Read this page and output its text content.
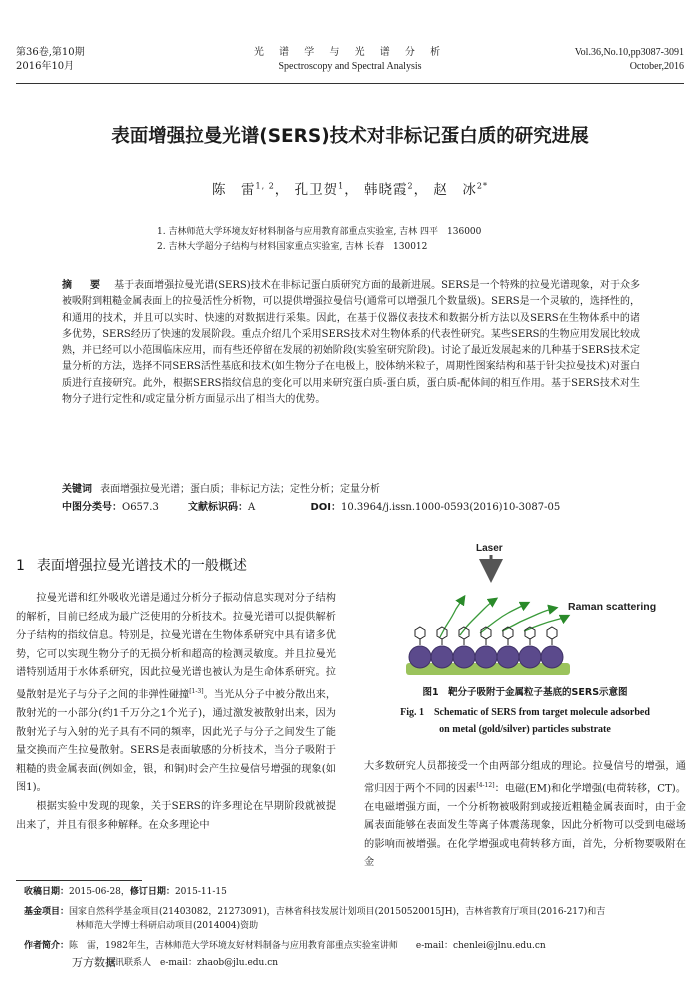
第36卷,第10期
2016年10月
光 谱 学 与 光 谱 分 析
Spectroscopy and Spectral Analysis
Vol.36,No.10,pp3087-3091
October,2016
表面增强拉曼光谱(SERS)技术对非标记蛋白质的研究进展
陈　雷$^{1, 2}$， 孔卫贺$^1$， 韩晓霞$^2$， 赵　冰$^{2*}$
1. 吉林师范大学环境友好材料制备与应用教育部重点实验室, 吉林 四平　136000
2. 吉林大学超分子结构与材料国家重点实验室, 吉林 长春　130012
摘　要 基于表面增强拉曼光谱(SERS)技术在非标记蛋白质研究方面的最新进展。SERS是一个特殊的拉曼光谱现象，对于众多被吸附到粗糙金属表面上的拉曼活性分析物，可以提供增强拉曼信号(通常可以增强几个数量级)。SERS是一个灵敏的，选择性的，和通用的技术，并且可以实时、快速的对数据进行采集。因此，在基于仪器仪表技术和数据分析方法以及SERS在生物体系中的诸多优势，SERS经历了快速的发展阶段。重点介绍几个采用SERS技术对生物体系的代表性研究。某些SERS的生物应用发展比较成熟，并已经可以小范围临床应用，而有些还停留在发展的初始阶段(实验室研究阶段)。讨论了最近发展起来的几种基于SERS技术定量分析的方法，选择不同SERS活性基底和技术(如生物分子在电极上，胶体纳米粒子，周期性图案结构和基于针尖拉曼技术)对蛋白质进行直接研究。此外，根据SERS指纹信息的变化可以用来研究蛋白质-蛋白质，蛋白质-配体间的相互作用。基于SERS技术对生物分子进行定性和/或定量分析方面显示出了相当大的优势。
关键词 表面增强拉曼光谱；蛋白质；非标记方法；定性分析；定量分析
中图分类号：O657.3	文献标识码：A	DOI：10.3964/j.issn.1000-0593(2016)10-3087-05
1 表面增强拉曼光谱技术的一般概述

拉曼光谱和红外吸收光谱是通过分析分子振动信息实现对分子结构的解析，目前已经成为最广泛使用的分析技术。拉曼光谱可以提供解析分子结构的指纹信息。特别是，拉曼光谱在生物体系研究中具有诸多优势，它可以实现生物分子的无损分析和超高的检测灵敏度。并且拉曼光谱特别适用于水体系研究，因此拉曼光谱也被认为是生命体系研究。拉曼散射是光子与分子之间的非弹性碰撞[1-3]。当光从分子中被分散出来，散射光的一小部分(约1千万分之1个光子)，通过激发被散射出来，因为散射光子与入射的光子具有不同的频率，因此光子与分子之间发生了能量交换而产生拉曼散射。SERS是表面敏感的分析技术，当分子吸附于粗糙的贵金属表面(例如金，银，和铜)时会产生拉曼信号增强的现象(如图1)。

根据实验中发现的现象，关于SERS的许多理论在早期阶段就被提出来了，并且有很多种解释。在众多理论中

Laser
Raman scattering
图1　靶分子吸附于金属粒子基底的SERS示意图
Fig. 1　Schematic of SERS from target molecule adsorbed
on metal (gold/silver) particles substrate
大多数研究人员都接受一个由两部分组成的理论。拉曼信号的增强，通常归因于两个不同的因素[4-12]：电磁(EM)和化学增强(电荷转移，CT)。在电磁增强方面，一个分析物被吸附到或接近粗糙金属表面时，由于金属表面能够在表面发生等离子体震荡现象，因此分析物可以受到电磁场的影响而被增强。在化学增强或电荷转移方面，首先，分析物要吸附在金
收稿日期：2015-06-28，修订日期：2015-11-15
基金项目：国家自然科学基金项目(21403082，21273091)，吉林省科技发展计划项目(20150520015JH)，吉林省教育厅项目(2016-217)和吉
林师范大学博士科研启动项目(2014004)资助
作者简介：陈　雷，1982年生，吉林师范大学环境友好材料制备与应用教育部重点实验室讲师　　e-mail：chenlei@jlnu.edu.cn
通讯联系人　 e-mail：zhaob@jlu.edu.cn
万方数据
